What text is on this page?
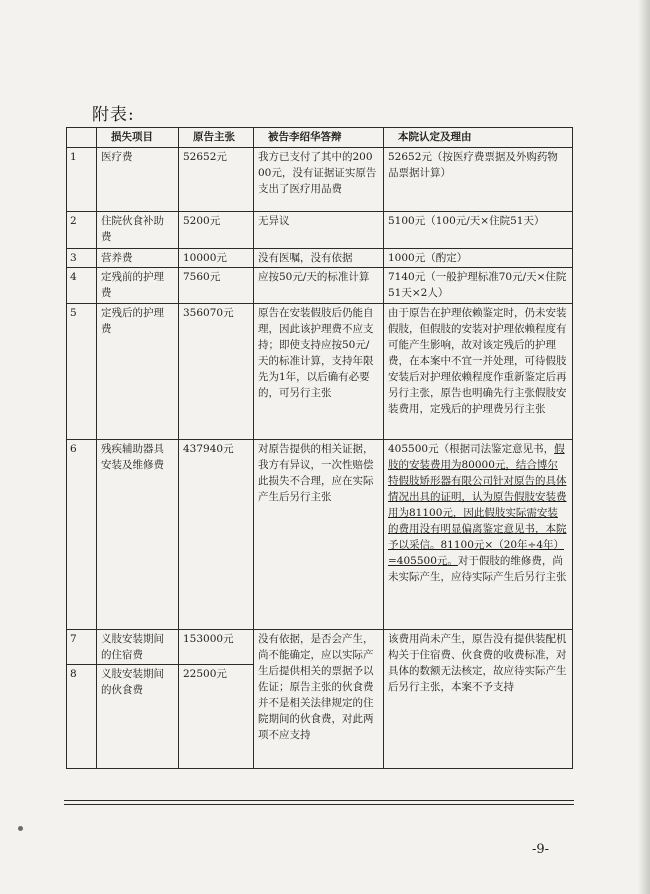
附表:
	损失项目	原告主张	被告李绍华答辩	本院认定及理由
1	医疗费	52652元	我方已支付了其中的20000元，没有证据证实原告支出了医疗用品费	52652元（按医疗费票据及外购药物品票据计算）
2	住院伙食补助费	5200元	无异议	5100元（100元/天×住院51天）
3	营养费	10000元	没有医嘱，没有依据	1000元（酌定）
4	定残前的护理费	7560元	应按50元/天的标准计算	7140元（一般护理标准70元/天×住院51天×2人）
5	定残后的护理费	356070元	原告在安装假肢后仍能自理，因此该护理费不应支持；即使支持应按50元/天的标准计算，支持年限先为1年，以后确有必要的，可另行主张	由于原告在护理依赖鉴定时，仍未安装假肢，但假肢的安装对护理依赖程度有可能产生影响，故对该定残后的护理费，在本案中不宜一并处理，可待假肢安装后对护理依赖程度作重新鉴定后再另行主张，原告也明确先行主张假肢安装费用，定残后的护理费另行主张
6	残疾辅助器具安装及维修费	437940元	对原告提供的相关证据，我方有异议，一次性赔偿此损失不合理，应在实际产生后另行主张	405500元（根据司法鉴定意见书，假肢的安装费用为80000元，结合博尔特假肢矫形器有限公司针对原告的具体情况出具的证明，认为原告假肢安装费用为81100元，因此假肢实际需安装的费用没有明显偏离鉴定意见书，本院予以采信。81100元×（20年÷4年）=405500元。对于假肢的维修费，尚未实际产生，应待实际产生后另行主张
7	义肢安装期间的住宿费	153000元	没有依据，是否会产生，尚不能确定，应以实际产生后提供相关的票据予以佐证；原告主张的伙食费并不是相关法律规定的住院期间的伙食费，对此两项不应支持	该费用尚未产生，原告没有提供装配机构关于住宿费、伙食费的收费标准，对具体的数额无法核定，故应待实际产生后另行主张，本案不予支持
8	义肢安装期间的伙食费	22500元		
-9-
